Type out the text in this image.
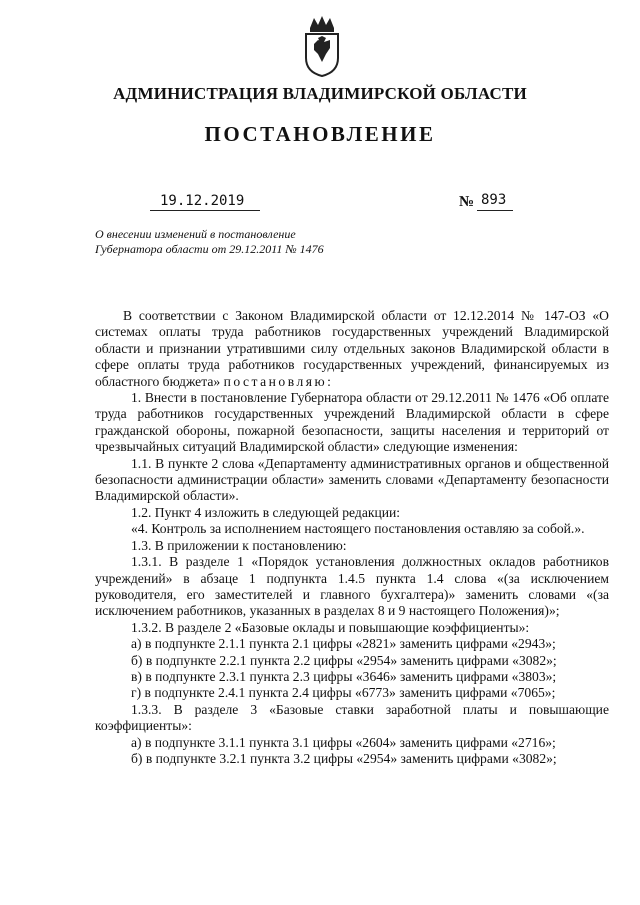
АДМИНИСТРАЦИЯ ВЛАДИМИРСКОЙ ОБЛАСТИ
ПОСТАНОВЛЕНИЕ
19.12.2019	№ 893
О внесении изменений в постановление Губернатора области от 29.12.2011 № 1476

В соответствии с Законом Владимирской области от 12.12.2014 № 147-ОЗ «О системах оплаты труда работников государственных учреждений Владимирской области и признании утратившими силу отдельных законов Владимирской области в сфере оплаты труда работников государственных учреждений, финансируемых из областного бюджета» постановляю:

1. Внести в постановление Губернатора области от 29.12.2011 № 1476 «Об оплате труда работников государственных учреждений Владимирской области в сфере гражданской обороны, пожарной безопасности, защиты населения и территорий от чрезвычайных ситуаций Владимирской области» следующие изменения:

1.1. В пункте 2 слова «Департаменту административных органов и общественной безопасности администрации области» заменить словами «Департаменту безопасности Владимирской области».

1.2. Пункт 4 изложить в следующей редакции:

«4. Контроль за исполнением настоящего постановления оставляю за собой.».

1.3. В приложении к постановлению:

1.3.1. В разделе 1 «Порядок установления должностных окладов работников учреждений» в абзаце 1 подпункта 1.4.5 пункта 1.4 слова «(за исключением руководителя, его заместителей и главного бухгалтера)» заменить словами «(за исключением работников, указанных в разделах 8 и 9 настоящего Положения)»;

1.3.2. В разделе 2 «Базовые оклады и повышающие коэффициенты»:

а) в подпункте 2.1.1 пункта 2.1 цифры «2821» заменить цифрами «2943»;

б) в подпункте 2.2.1 пункта 2.2 цифры «2954» заменить цифрами «3082»;

в) в подпункте 2.3.1 пункта 2.3 цифры «3646» заменить цифрами «3803»;

г) в подпункте 2.4.1 пункта 2.4 цифры «6773» заменить цифрами «7065»;

1.3.3. В разделе 3 «Базовые ставки заработной платы и повышающие коэффициенты»:

а) в подпункте 3.1.1 пункта 3.1 цифры «2604» заменить цифрами «2716»;

б) в подпункте 3.2.1 пункта 3.2 цифры «2954» заменить цифрами «3082»;
